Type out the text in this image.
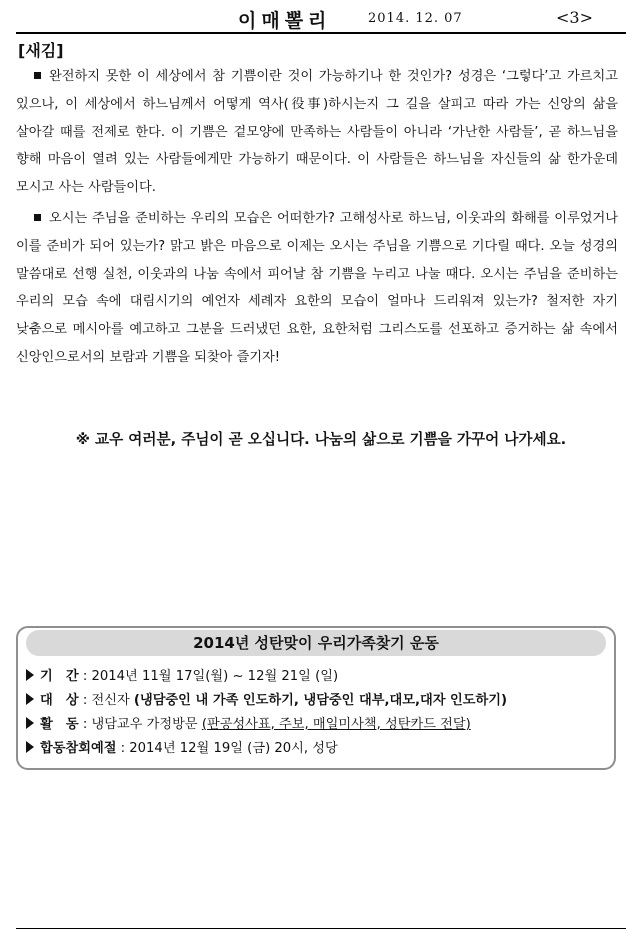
이매뽈리	2014. 12. 07	<3>
[새김]
완전하지 못한 이 세상에서 참 기쁨이란 것이 가능하기나 한 것인가? 성경은 ‘그렇다’고 가르치고 있으나, 이 세상에서 하느님께서 어떻게 역사(役事)하시는지 그 길을 살피고 따라 가는 신앙의 삶을 살아갈 때를 전제로 한다. 이 기쁨은 겉모양에 만족하는 사람들이 아니라 ‘가난한 사람들’, 곧 하느님을 향해 마음이 열려 있는 사람들에게만 가능하기 때문이다. 이 사람들은 하느님을 자신들의 삶 한가운데 모시고 사는 사람들이다.
오시는 주님을 준비하는 우리의 모습은 어떠한가? 고해성사로 하느님, 이웃과의 화해를 이루었거나 이를 준비가 되어 있는가? 맑고 밝은 마음으로 이제는 오시는 주님을 기쁨으로 기다릴 때다. 오늘 성경의 말씀대로 선행 실천, 이웃과의 나눔 속에서 피어날 참 기쁨을 누리고 나눌 때다. 오시는 주님을 준비하는 우리의 모습 속에 대림시기의 예언자 세례자 요한의 모습이 얼마나 드리워져 있는가? 철저한 자기 낮춤으로 메시아를 예고하고 그분을 드러냈던 요한, 요한처럼 그리스도를 선포하고 증거하는 삶 속에서 신앙인으로서의 보람과 기쁨을 되찾아 즐기자!
※ 교우 여러분, 주님이 곧 오십니다. 나눔의 삶으로 기쁨을 가꾸어 나가세요.
2014년 성탄맞이 우리가족찾기 운동
기　간 : 2014년 11월 17일(월) ~ 12월 21일 (일)
대　상 : 전신자 (냉담중인 내 가족 인도하기, 냉담중인 대부,대모,대자 인도하기)
활　동 : 냉담교우 가정방문 (판공성사표, 주보, 매일미사책, 성탄카드 전달)
합동참회예절 : 2014년 12월 19일 (금) 20시, 성당
